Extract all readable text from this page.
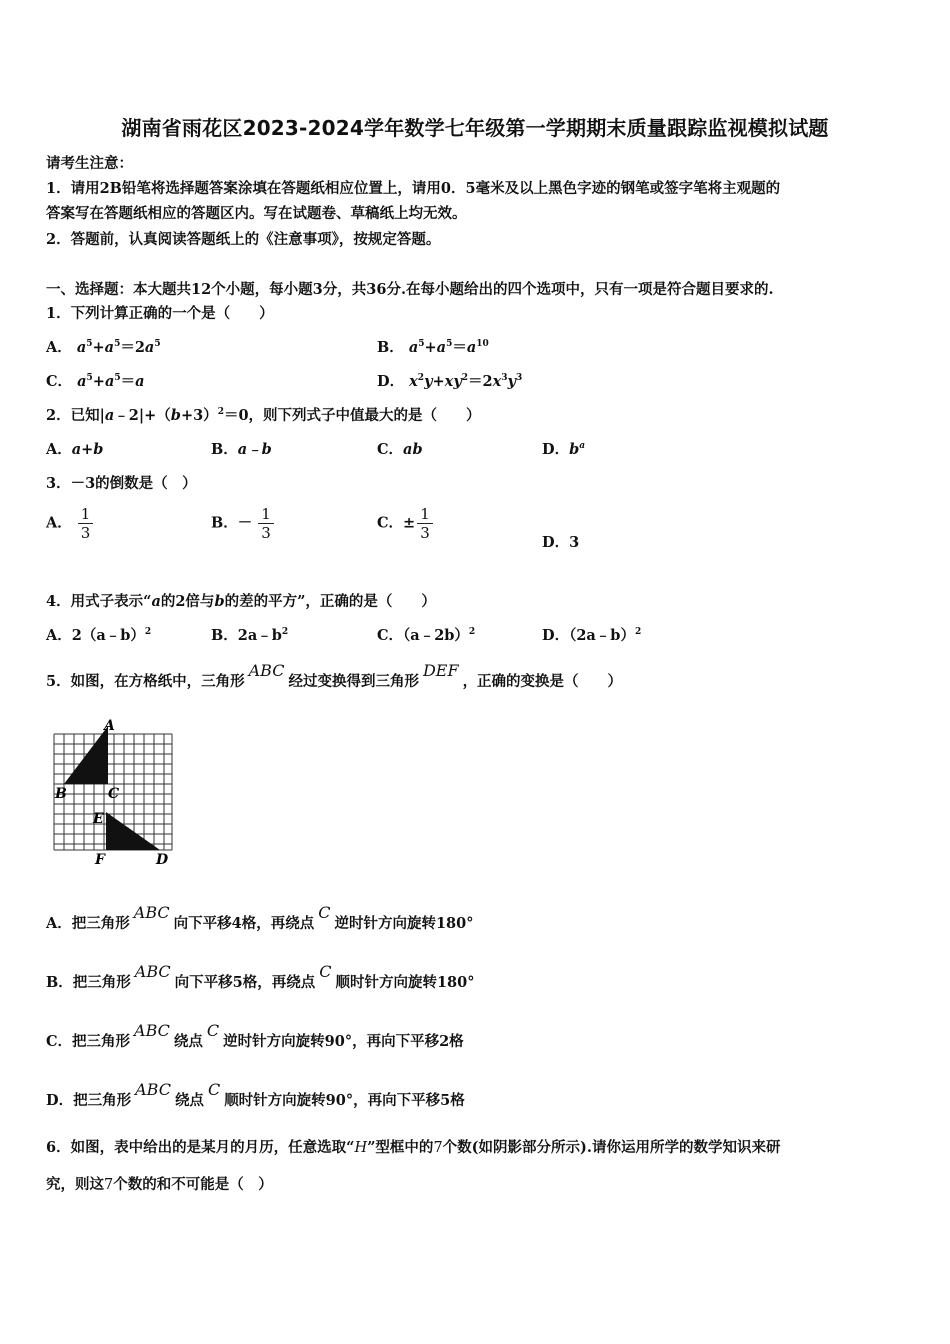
湖南省雨花区2023-2024学年数学七年级第一学期期末质量跟踪监视模拟试题
请考生注意：
1．请用2B铅笔将选择题答案涂填在答题纸相应位置上，请用0．5毫米及以上黑色字迹的钢笔或签字笔将主观题的
答案写在答题纸相应的答题区内。写在试题卷、草稿纸上均无效。
2．答题前，认真阅读答题纸上的《注意事项》，按规定答题。
一、选择题：本大题共12个小题，每小题3分，共36分.在每小题给出的四个选项中，只有一项是符合题目要求的.
1．下列计算正确的一个是（　　）
A． $a^5+a^5=2a^5$	B． $a^5+a^5=a^{10}$
C． $a^5+a^5=a$	D． $x^2y+xy^2=2x^3y^3$
2．已知$|a﹣2|+(b+3)^2=0$，则下列式子中值最大的是（　　）
A．a+b	B．a﹣b	C．ab	D．$b^a$
3．－3的倒数是（　）
A． $\frac{1}{3}$	B．－ $\frac{1}{3}$	C．± $\frac{1}{3}$
D．3
4．用式子表示“a的2倍与b的差的平方”，正确的是（　　）
A．2（a﹣b）$^2$	B．$2a﹣b^2$	C．（a﹣2b）$^2$	D．（2a﹣b）$^2$
5．如图，在方格纸中，三角形ABC经过变换得到三角形DEF，正确的变换是（　　）
A
B	C
E
F	D
A．把三角形ABC向下平移4格，再绕点C逆时针方向旋转180°
B．把三角形ABC向下平移5格，再绕点C顺时针方向旋转180°
C．把三角形ABC绕点C逆时针方向旋转90°，再向下平移2格
D．把三角形ABC绕点C顺时针方向旋转90°，再向下平移5格
6．如图，表中给出的是某月的月历，任意选取“H”型框中的7个数(如阴影部分所示).请你运用所学的数学知识来研
究，则这7个数的和不可能是（　）
